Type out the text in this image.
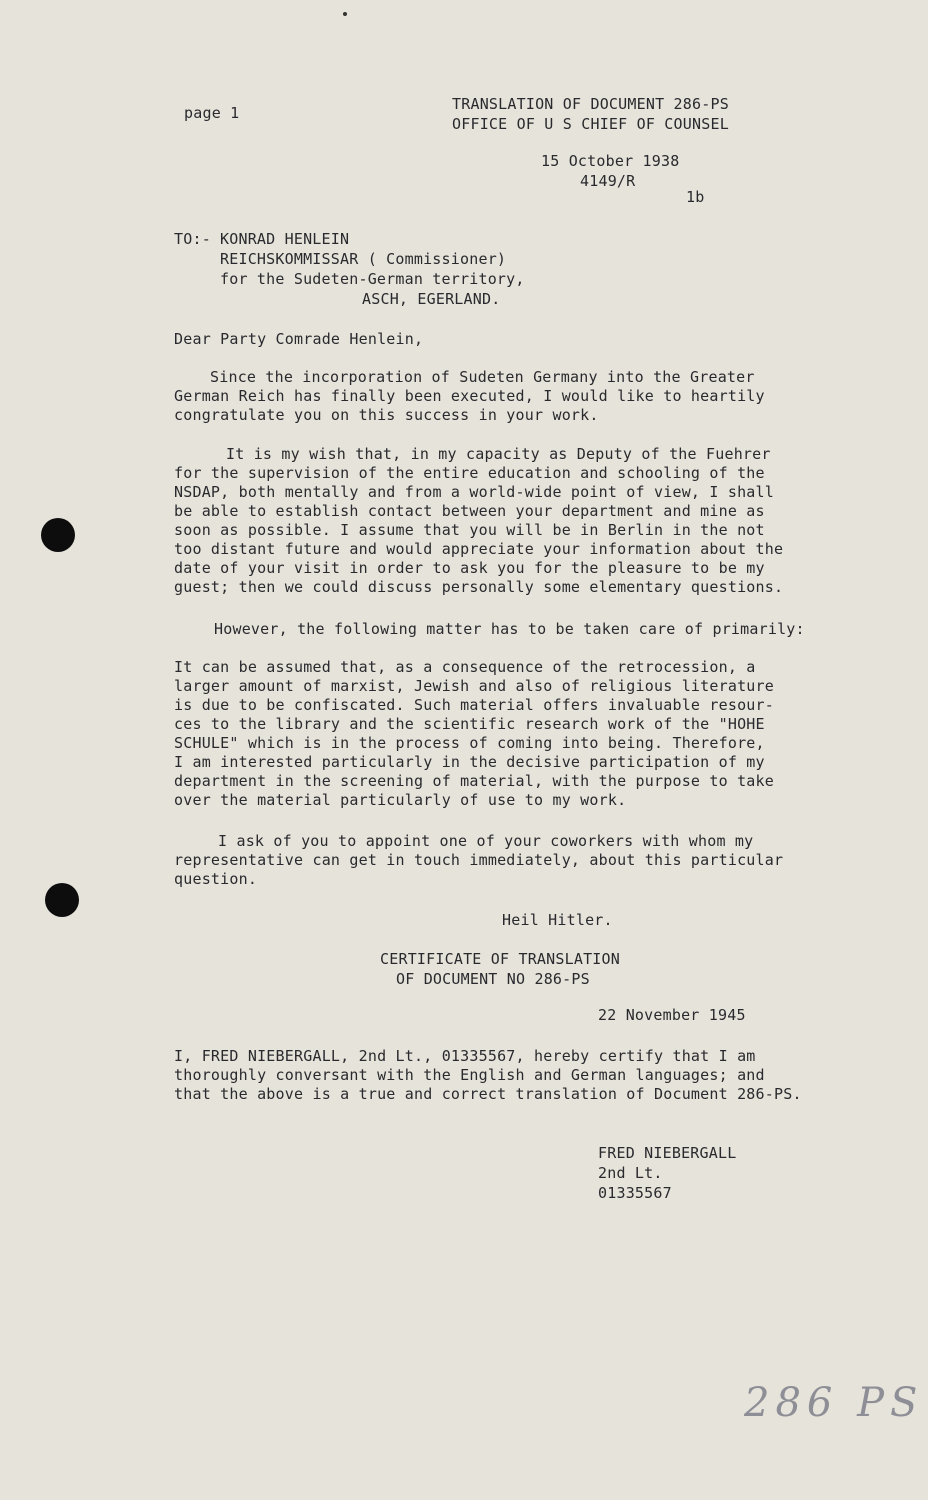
page 1	TRANSLATION OF DOCUMENT 286-PS
OFFICE OF U S CHIEF OF COUNSEL
15 October 1938
4149/R
1b
TO:- KONRAD HENLEIN
REICHSKOMMISSAR ( Commissioner)
for the Sudeten-German territory,
ASCH, EGERLAND.
Dear Party Comrade Henlein,
Since the incorporation of Sudeten Germany into the Greater
German Reich has finally been executed, I would like to heartily
congratulate you on this success in your work.
It is my wish that, in my capacity as Deputy of the Fuehrer
for the supervision of the entire education and schooling of the
NSDAP, both mentally and from a world-wide point of view, I shall
be able to establish contact between your department and mine as
soon as possible. I assume that you will be in Berlin in the not
too distant future and would appreciate your information about the
date of your visit in order to ask you for the pleasure to be my
guest; then we could discuss personally some elementary questions.
However, the following matter has to be taken care of primarily:
It can be assumed that, as a consequence of the retrocession, a
larger amount of marxist, Jewish and also of religious literature
is due to be confiscated. Such material offers invaluable resour-
ces to the library and the scientific research work of the "HOHE
SCHULE" which is in the process of coming into being. Therefore,
I am interested particularly in the decisive participation of my
department in the screening of material, with the purpose to take
over the material particularly of use to my work.
I ask of you to appoint one of your coworkers with whom my
representative can get in touch immediately, about this particular
question.
Heil Hitler.
CERTIFICATE OF TRANSLATION
OF DOCUMENT NO 286-PS
22 November 1945
I, FRED NIEBERGALL, 2nd Lt., 01335567, hereby certify that I am
thoroughly conversant with the English and German languages; and
that the above is a true and correct translation of Document 286-PS.
FRED NIEBERGALL
2nd Lt.
01335567
286 PS
